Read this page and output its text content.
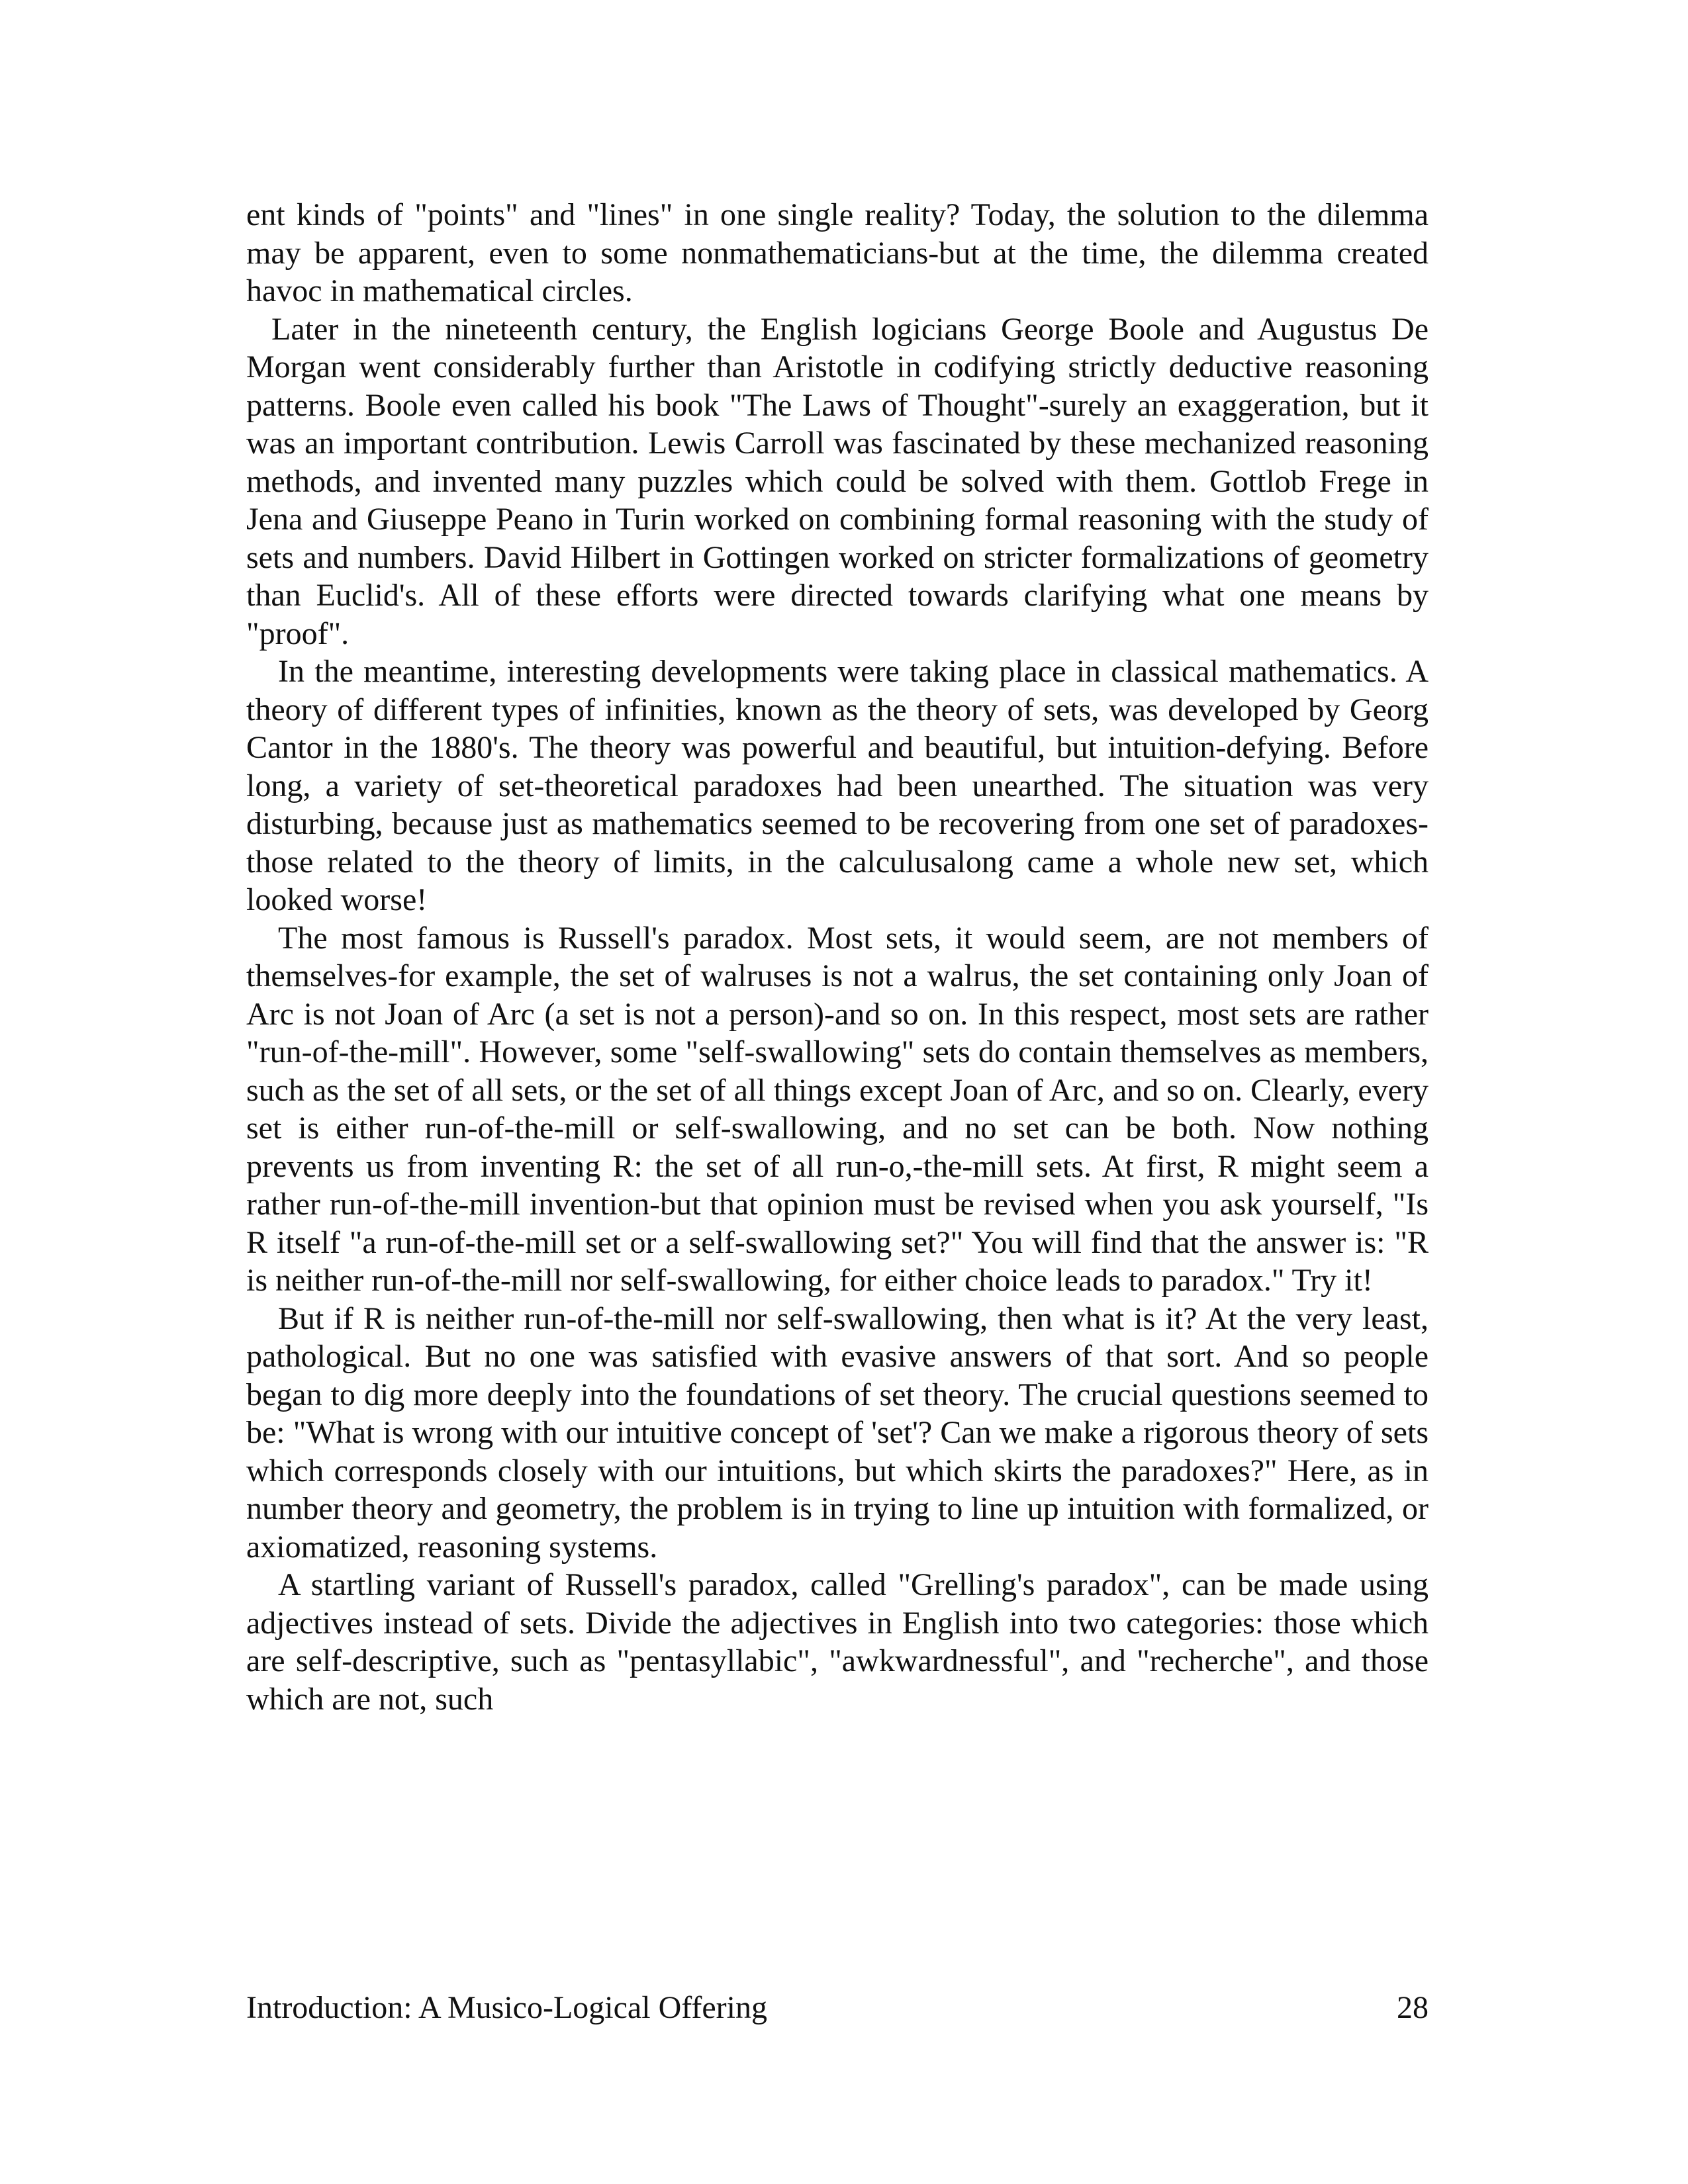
ent kinds of "points" and "lines" in one single reality? Today, the solution to the dilemma may be apparent, even to some nonmathematicians-but at the time, the dilemma created havoc in mathematical circles.

Later in the nineteenth century, the English logicians George Boole and Augustus De Morgan went considerably further than Aristotle in codifying strictly deductive reasoning patterns. Boole even called his book "The Laws of Thought"-surely an exaggeration, but it was an important contribution. Lewis Carroll was fascinated by these mechanized reasoning methods, and invented many puzzles which could be solved with them. Gottlob Frege in Jena and Giuseppe Peano in Turin worked on combining formal reasoning with the study of sets and numbers. David Hilbert in Gottingen worked on stricter formalizations of geometry than Euclid's. All of these efforts were directed towards clarifying what one means by "proof".

In the meantime, interesting developments were taking place in classical mathematics. A theory of different types of infinities, known as the theory of sets, was developed by Georg Cantor in the 1880's. The theory was powerful and beautiful, but intuition-defying. Before long, a variety of set-theoretical paradoxes had been unearthed. The situation was very disturbing, because just as mathematics seemed to be recovering from one set of paradoxes-those related to the theory of limits, in the calculusalong came a whole new set, which looked worse!

The most famous is Russell's paradox. Most sets, it would seem, are not members of themselves-for example, the set of walruses is not a walrus, the set containing only Joan of Arc is not Joan of Arc (a set is not a person)-and so on. In this respect, most sets are rather "run-of-the-mill". However, some "self-swallowing" sets do contain themselves as members, such as the set of all sets, or the set of all things except Joan of Arc, and so on. Clearly, every set is either run-of-the-mill or self-swallowing, and no set can be both. Now nothing prevents us from inventing R: the set of all run-o,-the-mill sets. At first, R might seem a rather run-of-the-mill invention-but that opinion must be revised when you ask yourself, "Is R itself "a run-of-the-mill set or a self-swallowing set?" You will find that the answer is: "R is neither run-of-the-mill nor self-swallowing, for either choice leads to paradox." Try it!

But if R is neither run-of-the-mill nor self-swallowing, then what is it? At the very least, pathological. But no one was satisfied with evasive answers of that sort. And so people began to dig more deeply into the foundations of set theory. The crucial questions seemed to be: "What is wrong with our intuitive concept of 'set'? Can we make a rigorous theory of sets which corresponds closely with our intuitions, but which skirts the paradoxes?" Here, as in number theory and geometry, the problem is in trying to line up intuition with formalized, or axiomatized, reasoning systems.

A startling variant of Russell's paradox, called "Grelling's paradox", can be made using adjectives instead of sets. Divide the adjectives in English into two categories: those which are self-descriptive, such as "pentasyllabic", "awkwardnessful", and "recherche", and those which are not, such

Introduction: A Musico-Logical Offering	28
